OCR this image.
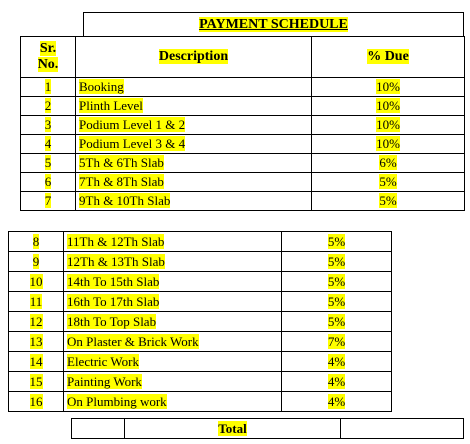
PAYMENT SCHEDULE
Sr.
No.	Description	% Due
1	Booking	10%
2	Plinth Level	10%
3	Podium Level 1 & 2	10%
4	Podium Level 3 & 4	10%
5	5Th & 6Th Slab	6%
6	7Th & 8Th Slab	5%
7	9Th & 10Th Slab	5%
8	11Th & 12Th Slab	5%
9	12Th & 13Th Slab	5%
10	14th To 15th Slab	5%
11	16th To 17th Slab	5%
12	18th To Top Slab	5%
13	On Plaster & Brick Work	7%
14	Electric Work	4%
15	Painting Work	4%
16	On Plumbing work	4%
	Total	
